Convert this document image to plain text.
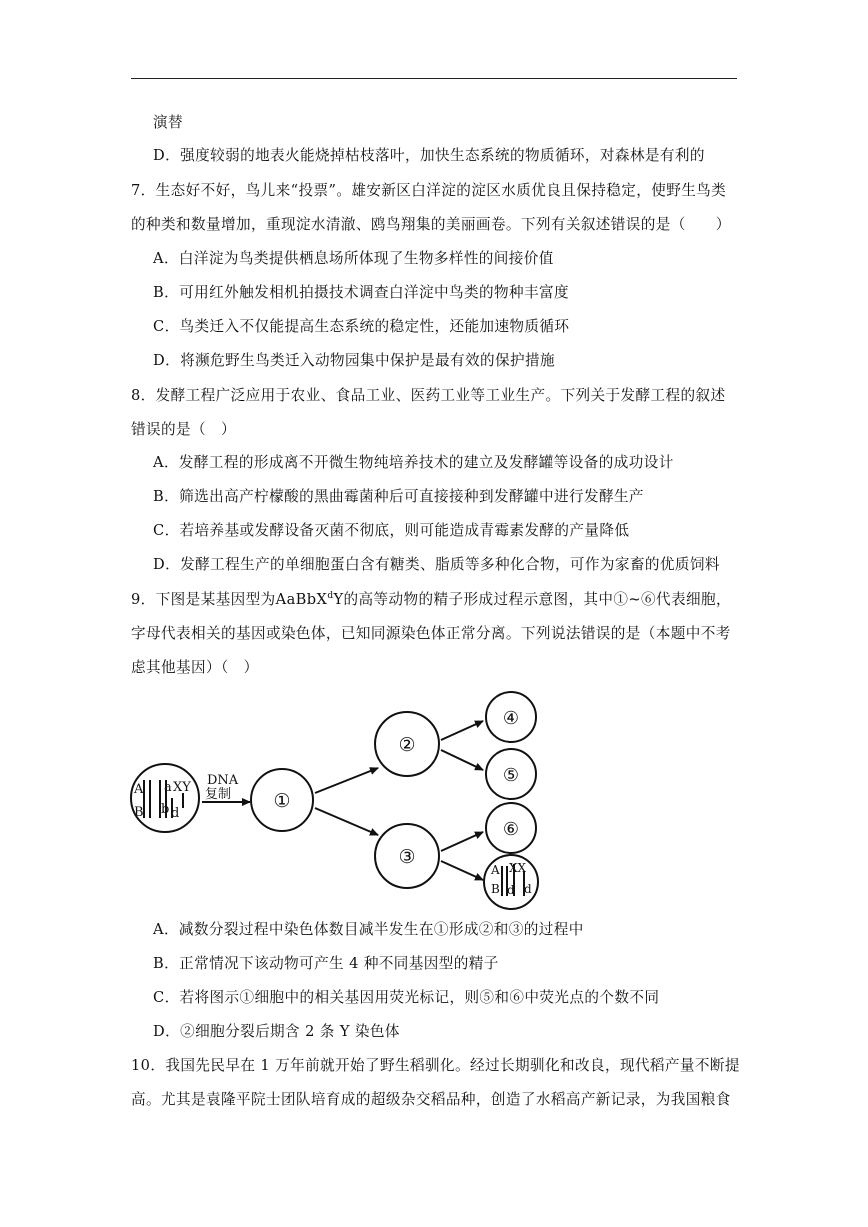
演替
D．强度较弱的地表火能烧掉枯枝落叶，加快生态系统的物质循环，对森林是有利的
7．生态好不好，鸟儿来“投票”。雄安新区白洋淀的淀区水质优良且保持稳定，使野生鸟类
的种类和数量增加，重现淀水清澈、鸥鸟翔集的美丽画卷。下列有关叙述错误的是（　　）
A．白洋淀为鸟类提供栖息场所体现了生物多样性的间接价值
B．可用红外触发相机拍摄技术调查白洋淀中鸟类的物种丰富度
C．鸟类迁入不仅能提高生态系统的稳定性，还能加速物质循环
D．将濒危野生鸟类迁入动物园集中保护是最有效的保护措施
8．发酵工程广泛应用于农业、食品工业、医药工业等工业生产。下列关于发酵工程的叙述
错误的是（　）
A．发酵工程的形成离不开微生物纯培养技术的建立及发酵罐等设备的成功设计
B．筛选出高产柠檬酸的黑曲霉菌种后可直接接种到发酵罐中进行发酵生产
C．若培养基或发酵设备灭菌不彻底，则可能造成青霉素发酵的产量降低
D．发酵工程生产的单细胞蛋白含有糖类、脂质等多种化合物，可作为家畜的优质饲料
9．下图是某基因型为AaBbX$^d$Y的高等动物的精子形成过程示意图，其中①~⑥代表细胞，
字母代表相关的基因或染色体，已知同源染色体正常分离。下列说法错误的是（本题中不考
虑其他基因）（　）
A
B
a
b d
XY DNA
复制 ①
②
③
④
⑤
⑥
A
B
XX
d d
A．减数分裂过程中染色体数目减半发生在①形成②和③的过程中
B．正常情况下该动物可产生 4 种不同基因型的精子
C．若将图示①细胞中的相关基因用荧光标记，则⑤和⑥中荧光点的个数不同
D．②细胞分裂后期含 2 条 Y 染色体
10．我国先民早在 1 万年前就开始了野生稻驯化。经过长期驯化和改良，现代稻产量不断提
高。尤其是袁隆平院士团队培育成的超级杂交稻品种，创造了水稻高产新记录，为我国粮食
